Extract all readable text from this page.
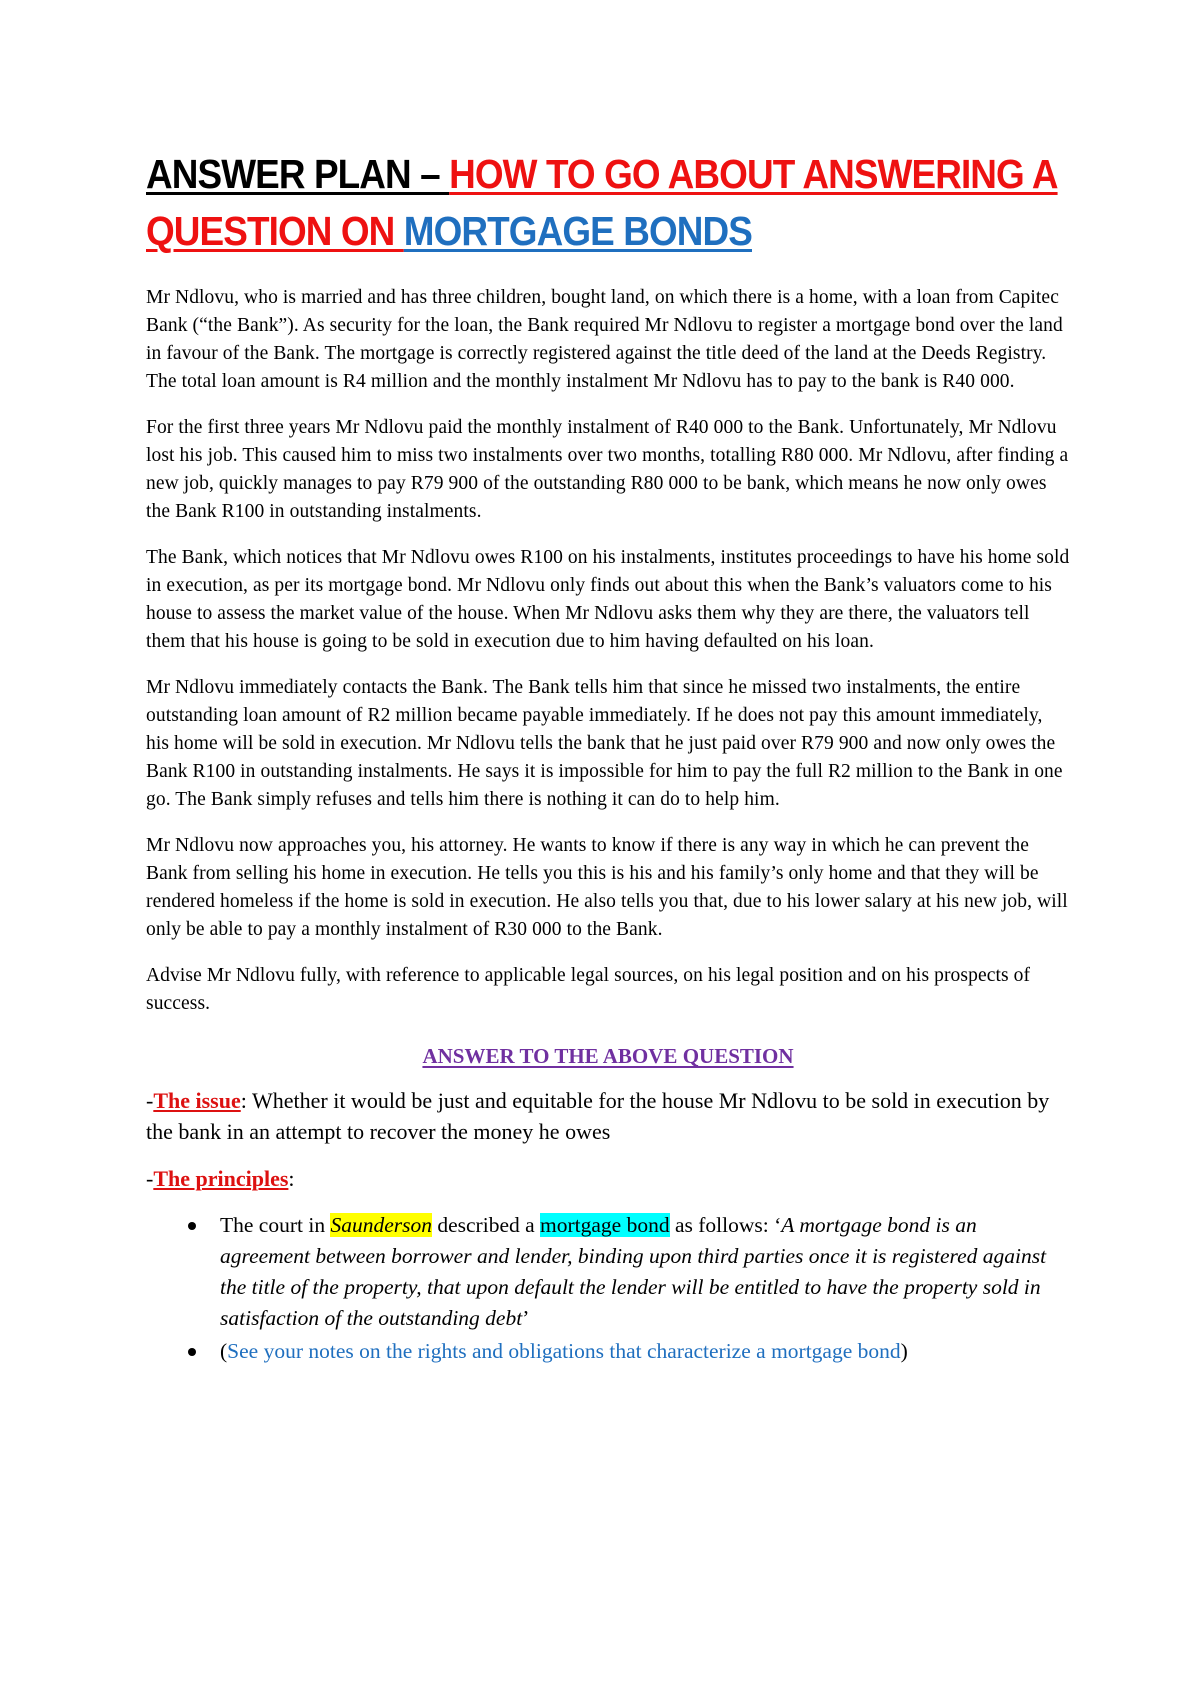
ANSWER PLAN – HOW TO GO ABOUT ANSWERING A QUESTION ON MORTGAGE BONDS

Mr Ndlovu, who is married and has three children, bought land, on which there is a home, with a loan from Capitec Bank (“the Bank”). As security for the loan, the Bank required Mr Ndlovu to register a mortgage bond over the land in favour of the Bank. The mortgage is correctly registered against the title deed of the land at the Deeds Registry. The total loan amount is R4 million and the monthly instalment Mr Ndlovu has to pay to the bank is R40 000.

For the first three years Mr Ndlovu paid the monthly instalment of R40 000 to the Bank. Unfortunately, Mr Ndlovu lost his job. This caused him to miss two instalments over two months, totalling R80 000. Mr Ndlovu, after finding a new job, quickly manages to pay R79 900 of the outstanding R80 000 to be bank, which means he now only owes the Bank R100 in outstanding instalments.

The Bank, which notices that Mr Ndlovu owes R100 on his instalments, institutes proceedings to have his home sold in execution, as per its mortgage bond. Mr Ndlovu only finds out about this when the Bank’s valuators come to his house to assess the market value of the house. When Mr Ndlovu asks them why they are there, the valuators tell them that his house is going to be sold in execution due to him having defaulted on his loan.

Mr Ndlovu immediately contacts the Bank. The Bank tells him that since he missed two instalments, the entire outstanding loan amount of R2 million became payable immediately. If he does not pay this amount immediately, his home will be sold in execution. Mr Ndlovu tells the bank that he just paid over R79 900 and now only owes the Bank R100 in outstanding instalments. He says it is impossible for him to pay the full R2 million to the Bank in one go. The Bank simply refuses and tells him there is nothing it can do to help him.

Mr Ndlovu now approaches you, his attorney. He wants to know if there is any way in which he can prevent the Bank from selling his home in execution. He tells you this is his and his family’s only home and that they will be rendered homeless if the home is sold in execution. He also tells you that, due to his lower salary at his new job, will only be able to pay a monthly instalment of R30 000 to the Bank.

Advise Mr Ndlovu fully, with reference to applicable legal sources, on his legal position and on his prospects of success.

ANSWER TO THE ABOVE QUESTION

-The issue: Whether it would be just and equitable for the house Mr Ndlovu to be sold in execution by the bank in an attempt to recover the money he owes

-The principles:

The court in Saunderson described a mortgage bond as follows: ‘A mortgage bond is an agreement between borrower and lender, binding upon third parties once it is registered against the title of the property, that upon default the lender will be entitled to have the property sold in satisfaction of the outstanding debt’
(See your notes on the rights and obligations that characterize a mortgage bond)
